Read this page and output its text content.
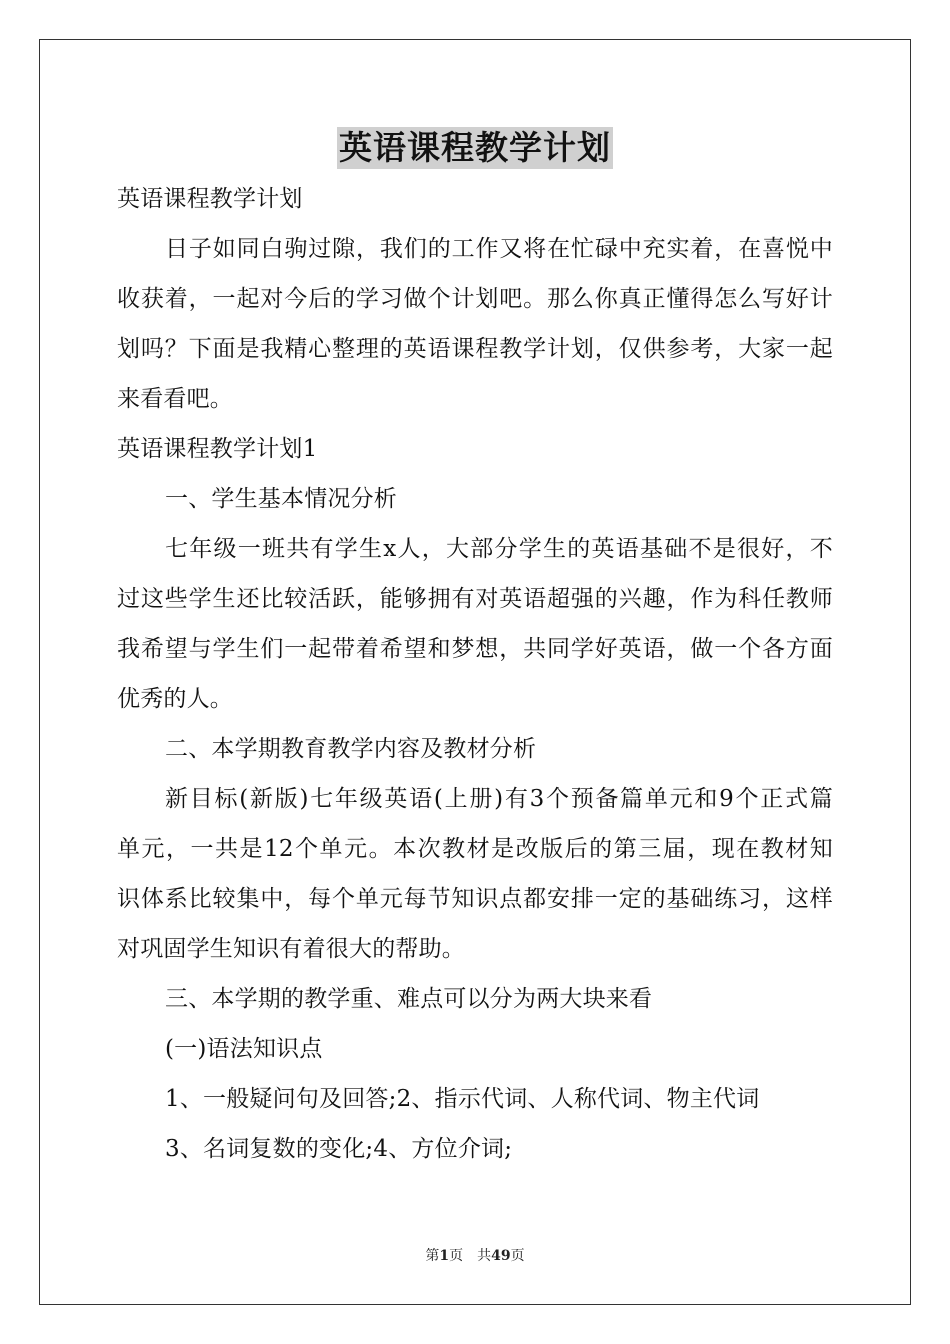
英语课程教学计划
英语课程教学计划
日子如同白驹过隙，我们的工作又将在忙碌中充实着，在喜悦中
收获着，一起对今后的学习做个计划吧。那么你真正懂得怎么写好计
划吗？下面是我精心整理的英语课程教学计划，仅供参考，大家一起
来看看吧。
英语课程教学计划1
一、学生基本情况分析
七年级一班共有学生x人，大部分学生的英语基础不是很好，不
过这些学生还比较活跃，能够拥有对英语超强的兴趣，作为科任教师
我希望与学生们一起带着希望和梦想，共同学好英语，做一个各方面
优秀的人。
二、本学期教育教学内容及教材分析
新目标(新版)七年级英语(上册)有3个预备篇单元和9个正式篇
单元，一共是12个单元。本次教材是改版后的第三届，现在教材知
识体系比较集中，每个单元每节知识点都安排一定的基础练习，这样
对巩固学生知识有着很大的帮助。
三、本学期的教学重、难点可以分为两大块来看
(一)语法知识点
1、一般疑问句及回答;2、指示代词、人称代词、物主代词
3、名词复数的变化;4、方位介词;
第1页　共49页
